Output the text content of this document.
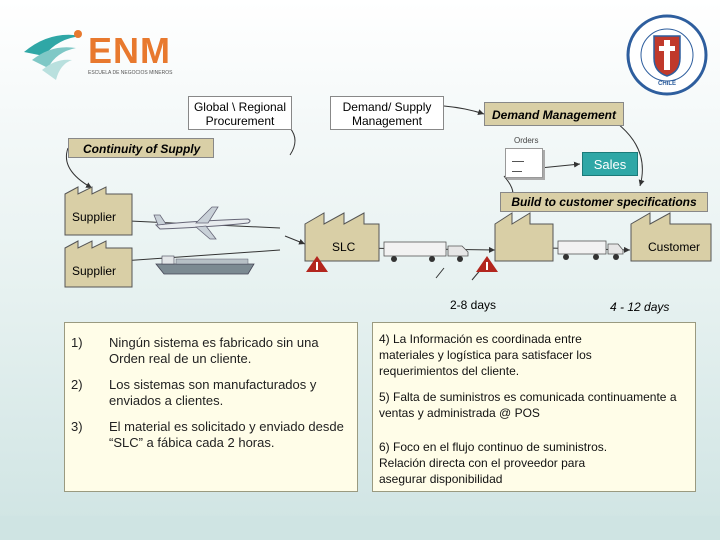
ENM
ESCUELA DE NEGOCIOS MINEROS
CHILE
Global \ Regional Procurement
Demand/ Supply Management	Demand Management
Continuity of Supply
Orders
Sales
Build to customer specifications
Supplier
Supplier
SLC	Customer
2-8 days	4 - 12 days
1) Ningún sistema es fabricado sin una Orden real de un cliente.
2) Los sistemas son manufacturados y enviados a clientes.
3) El material es solicitado y enviado desde “SLC” a fábica cada 2 horas.
4) La Información es coordinada entre materiales y logística para satisfacer los requerimientos del cliente.
5) Falta de suministros es comunicada continuamente a ventas y administrada @ POS
6) Foco en el flujo continuo de suministros. Relación directa con el proveedor para asegurar disponibilidad
